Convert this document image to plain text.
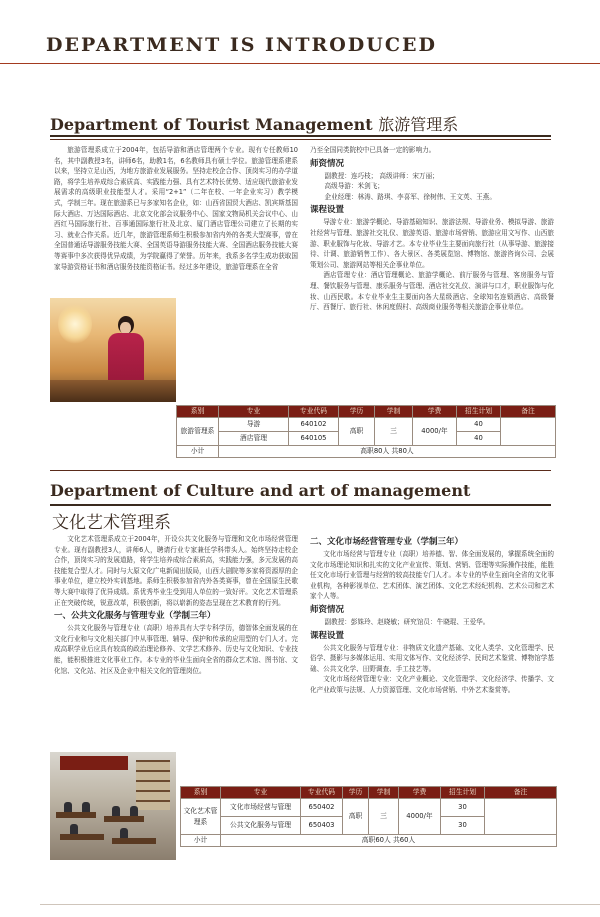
DEPARTMENT IS INTRODUCED
Department of Tourist Management 旅游管理系

旅游管理系成立于2004年，包括导游和酒店管理两个专业。现有专任教师10名，其中副教授3名，讲师6名，助教1名，6名教师具有硕士学位。旅游管理系建系以来，坚持立足山西，为地方旅游业发展服务。坚持走校企合作、顶岗实习的办学道路，将学生培养成综合素质高、实践能力强、具有艺术特长优势、适应现代旅游业发展需求的高级职业技能型人才。采用“2+1”（二年在校、一年企业实习）教学模式，学制三年。现在旅游系已与多家知名企业，如：山西省国贸大酒店、凯宾斯基国际大酒店、万达国际酒店、北京文化部会议服务中心、国家文物局机关会议中心、山西红马国际旅行社、百事通国际旅行社及北京、厦门酒店管理公司建立了长期的实习、就业合作关系。近几年，旅游管理系师生积极参加省内外的各类大型赛事，曾在全国普通话导游服务技能大赛、全国英语导游服务技能大赛、全国酒店服务技能大赛等赛事中多次获得优异成绩，为学院赢得了荣誉。历年来，我系多名学生成功获取国家导游资格证书和酒店服务技能资格证书。经过多年建设，旅游管理系在全省

乃至全国同类院校中已具备一定的影响力。

师资情况

副教授：连巧枝； 高级讲师：宋万丽；

高级导游：米剑飞；

企业经理：林涛、路琪、李喜军、徐树伟、王文英、王燕。

课程设置

导游专业：旅游学概论、导游基础知识、旅游法规、导游业务、模拟导游、旅游社经营与管理、旅游社交礼仪、旅游英语、旅游市场营销、旅游应用文写作、山西旅游、职业服饰与化妆、导游才艺。本专业毕业生主要面向旅行社（从事导游、旅游接待、计调、旅游销售工作）、各大景区、各类展览馆、博物馆、旅游咨询公司、会展策划公司、旅游网站等相关企事业单位。

酒店管理专业：酒店管理概论、旅游学概论、前厅服务与管理、客房服务与管理、餐饮服务与管理、康乐服务与管理、酒店社交礼仪、演讲与口才，职业服饰与化妆、山西民歌。本专业毕业生主要面向各大星级酒店、全球知名连锁酒店、高级餐厅、西餐厅、旅行社、休闲度假村、高级商业服务等相关旅游企事业单位。

系别	专业	专业代码	学历	学制	学费	招生计划	备注
旅游管理系	导游	640102	高职	三	4000/年	40	
	酒店管理	640105				40	
小计	高职80人 共80人						
Department of Culture and art of management
文化艺术管理系

文化艺术管理系成立于2004年，开设公共文化服务与管理和文化市场经营管理专业。现有副教授3人，讲师6人，聘请行业专家兼任学科带头人。始终坚持走校企合作，顶岗实习的发展道路，将学生培养成综合素质高，实践能力强，多元发展的高技能复合型人才。同时与大原文化广电新闻出版局，山西大剧院等多家将资源厚的企事业单位，建立校外实训基地。系师生积极参加省内外各类赛事，曾在全国原生民歌等大赛中取得了优异成绩。系优秀毕业生受到用人单位的一致好评。文化艺术管理系正在突破传统，锐意改革，积极创新，将以崭新的姿态呈现在艺术教育的行列。

一、公共文化服务与管理专业（学制三年）

公共文化服务与管理专业（高职）培养具有大学专科学历，德智体全面发展的在文化行业和与文化相关部门中从事管理、辅导、保护和传承的应用型的专门人才。完成高职学业后应具有较高的政治理论修养、文学艺术修养、历史与文化知识、专业技能，能积极推进文化事业工作。本专业的毕业生面向全省的群众艺术馆、图书馆、文化馆、文化站、社区及企业中相关文化的管理岗位。

二、文化市场经营管理专业（学制三年）

文化市场经营与管理专业（高职）培养德、智、体全面发展的，掌握系统全面的文化市场理论知识和扎实的文化产业宣传、策划、营销、管理等实际操作技能，能胜任文化市场行业管理与经营的较高技能专门人才。本专业的毕业生面向全省的文化事业机构，各种影视单位、艺术团体、演艺团体、文化艺术经纪机构、艺术公司和艺术家个人等。

师资情况

副教授：彭姝玲、赵晓敏；研究馆员：牛晓琨、王爱华。

课程设置

公共文化服务与管理专业：非物质文化遗产基础、文化人类学、文化管理学、民俗学、摄影与多媒体运用、实用文体写作、文化经济学、民间艺术鉴赏、博物馆学基础、公共文化学、田野调查、手工技艺等。

文化市场经营管理专业：文化产业概论、文化管理学、文化经济学、传播学、文化产业政策与法规、人力资源管理、文化市场营销、中外艺术鉴赏等。

系别	专业	专业代码	学历	学制	学费	招生计划	备注
文化艺术管理系	文化市场经营与管理	650402	高职	三	4000/年	30	
	公共文化服务与管理	650403				30	
小计	高职60人 共60人						
